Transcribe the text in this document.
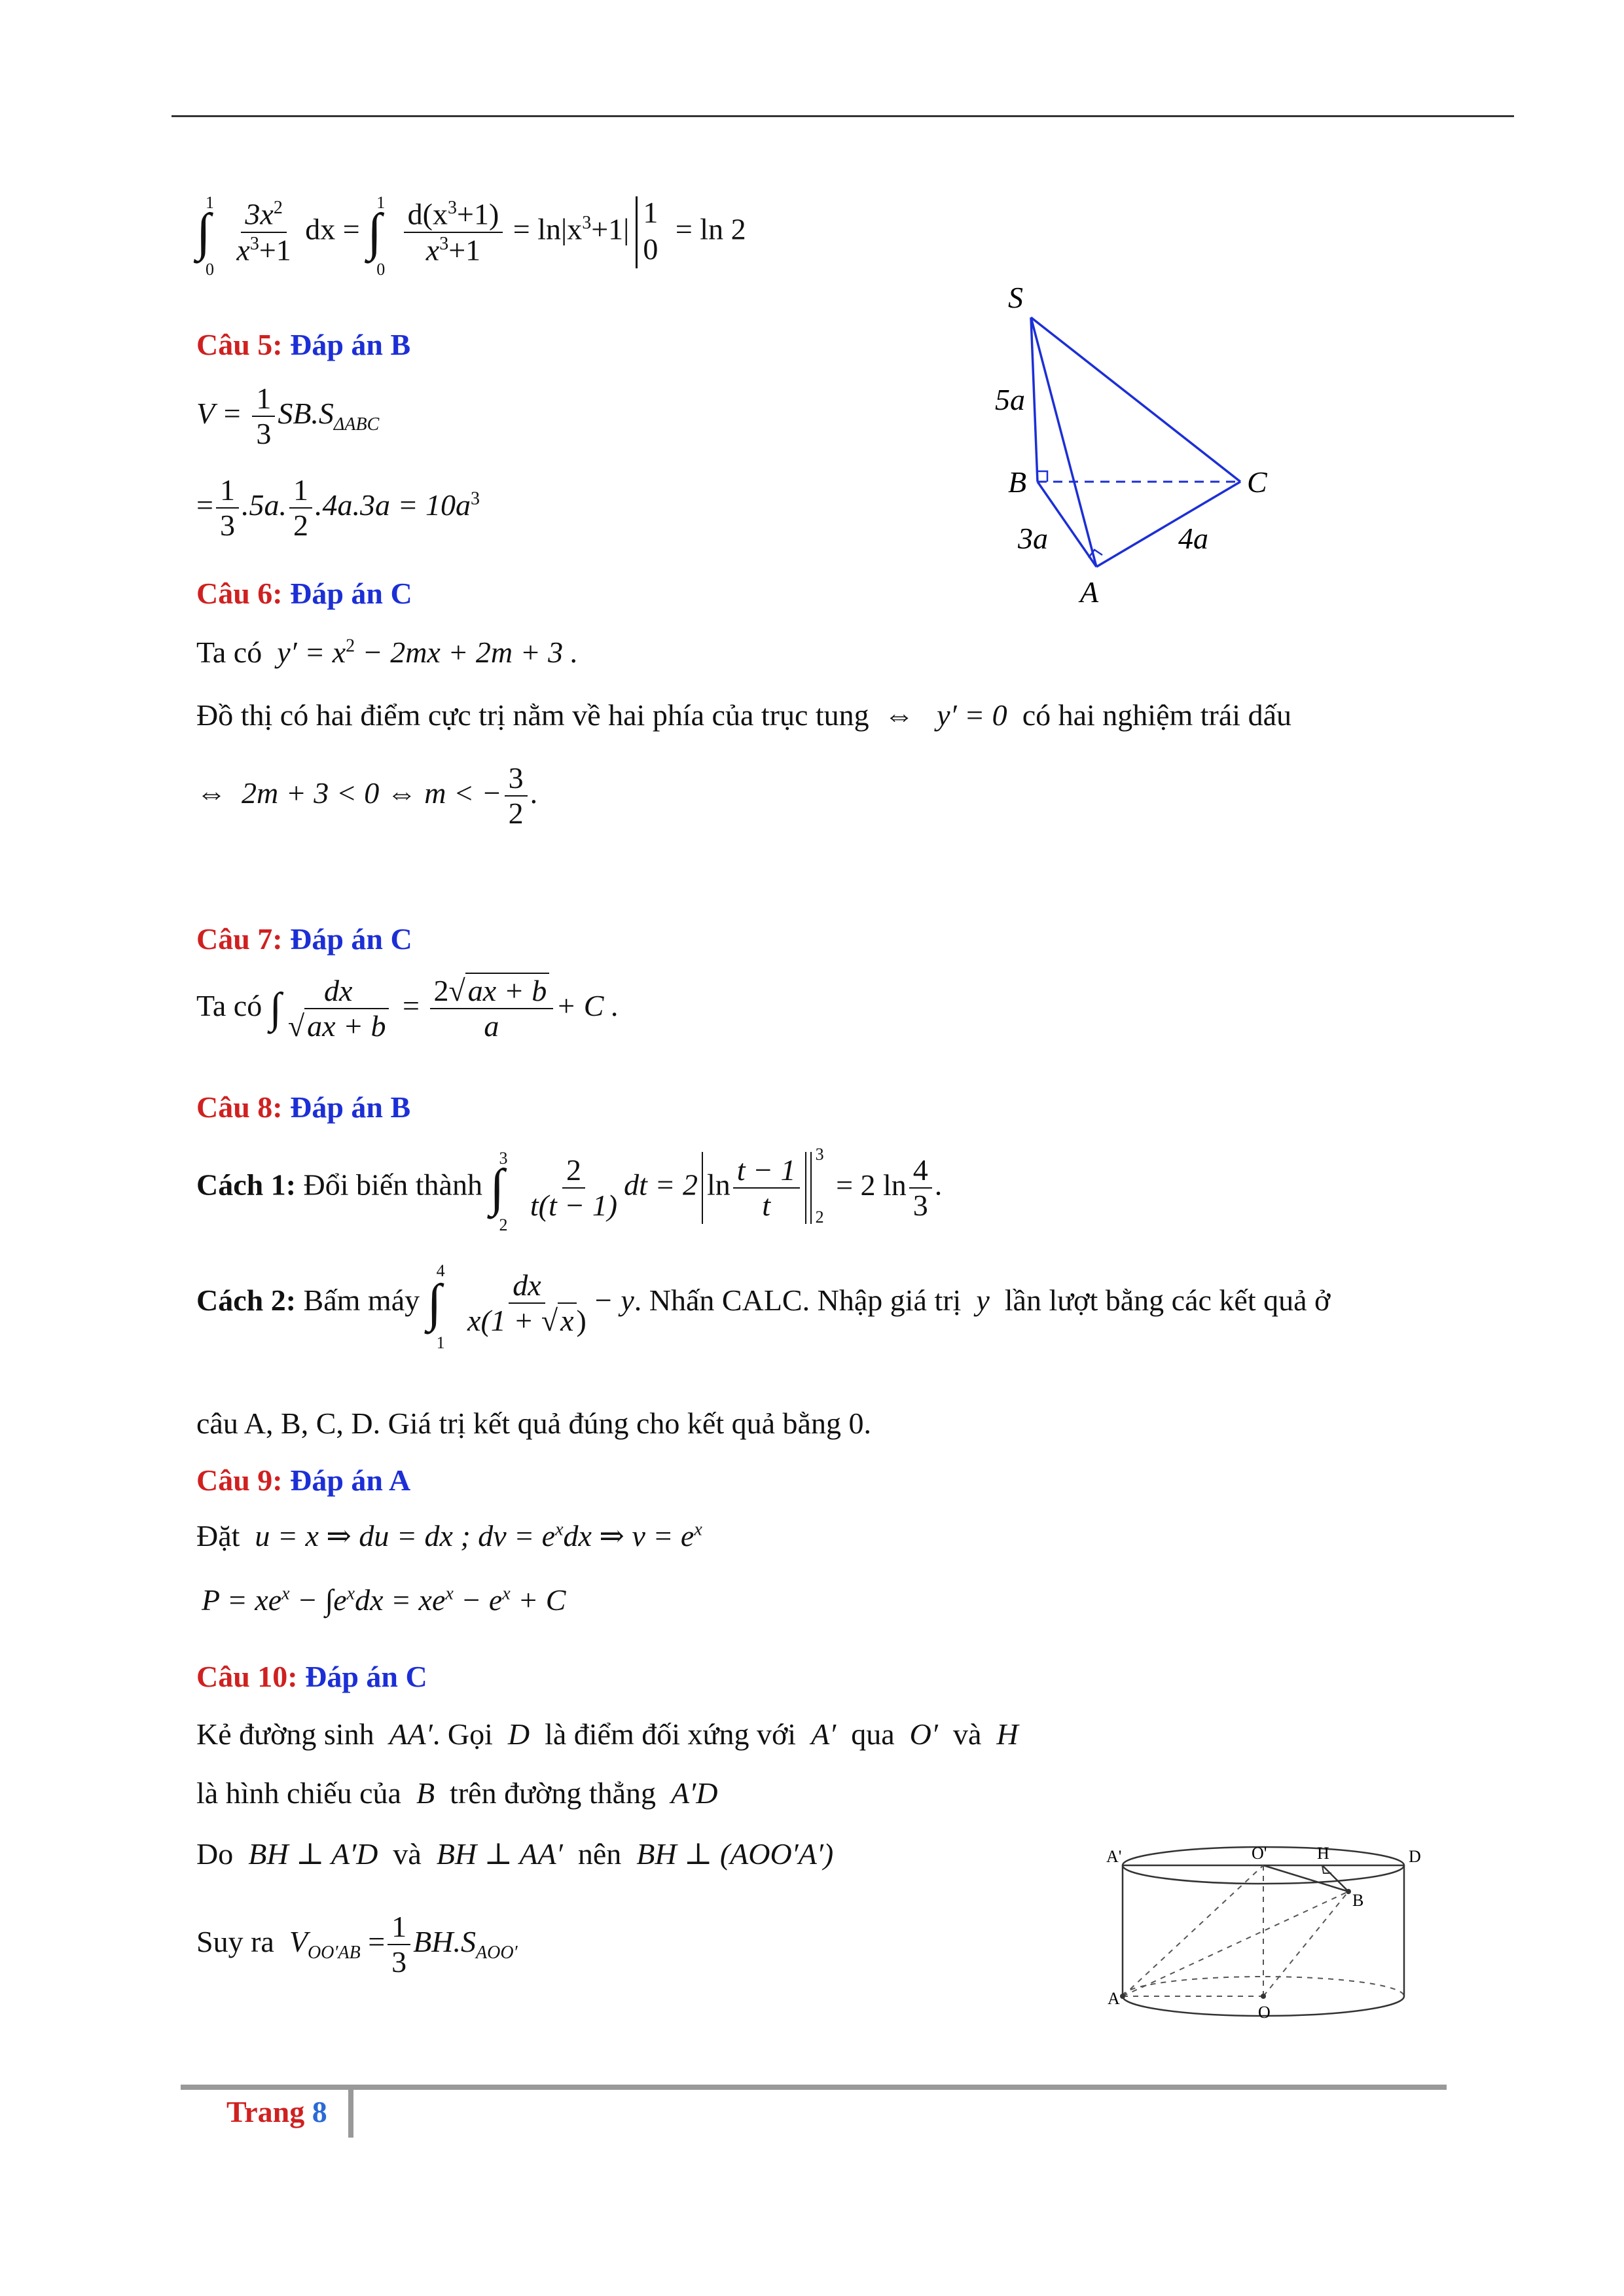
∫
1
0

$\frac{3x^2}{x^3+1}$ dx = ∫
1
0

$\frac{d(x^3+1)}{x^3+1} = \ln|x^3+1|$
1
0
= ln 2
Câu 5: Đáp án B
$V = \frac{1}{3} SB.S_{\Delta ABC}$
= $\frac{1}{3} .5a$. $\frac{1}{2} .4a.3a = 10a^3$
S
B	C
A
5a
3a	4a
Câu 6: Đáp án C
Ta có $y' = x^2 - 2mx + 2m + 3$ .
Đồ thị có hai điểm cực trị nằm về hai phía của trục tung ⇔ y′ = 0 có hai nghiệm trái dấu
⇔ 2m + 3 < 0 ⇔ m < − $\frac{3}{2}$ .
Câu 7: Đáp án C
Ta có ∫ $\frac{dx}{√ax + b} = \frac{2√ax + b}{a} + C$ .
Câu 8: Đáp án B
Cách 1: Đổi biến thành ∫
3
2

$\frac{2}{t(t - 1)}$ dt = 2 $\ln \frac{t - 1}{t}$
3
2
= 2 $\ln \frac{4}{3}$ .
Cách 2: Bấm máy ∫
4
1

$\frac{dx}{x(1 + √x)} - y$. Nhấn CALC. Nhập giá trị y lần lượt bằng các kết quả ở
câu A, B, C, D. Giá trị kết quả đúng cho kết quả bằng 0.
Câu 9: Đáp án A
Đặt u = x ⇒ du = dx ; dv = $e^xdx$ ⇒ $v = e^x$
$P = xe^x - \int e^xdx = xe^x - e^x + C$
Câu 10: Đáp án C
Kẻ đường sinh AA′. Gọi D là điểm đối xứng với A′ qua O′ và H
là hình chiếu của B trên đường thẳng A′D
Do BH ⊥ A′D và BH ⊥ AA′ nên BH ⊥ (AOO′A′)
Suy ra $V_{OO'AB} = \frac{1}{3} BH.S_{AOO'}$
A'	O'	H	D
B
A
O
Trang 8
